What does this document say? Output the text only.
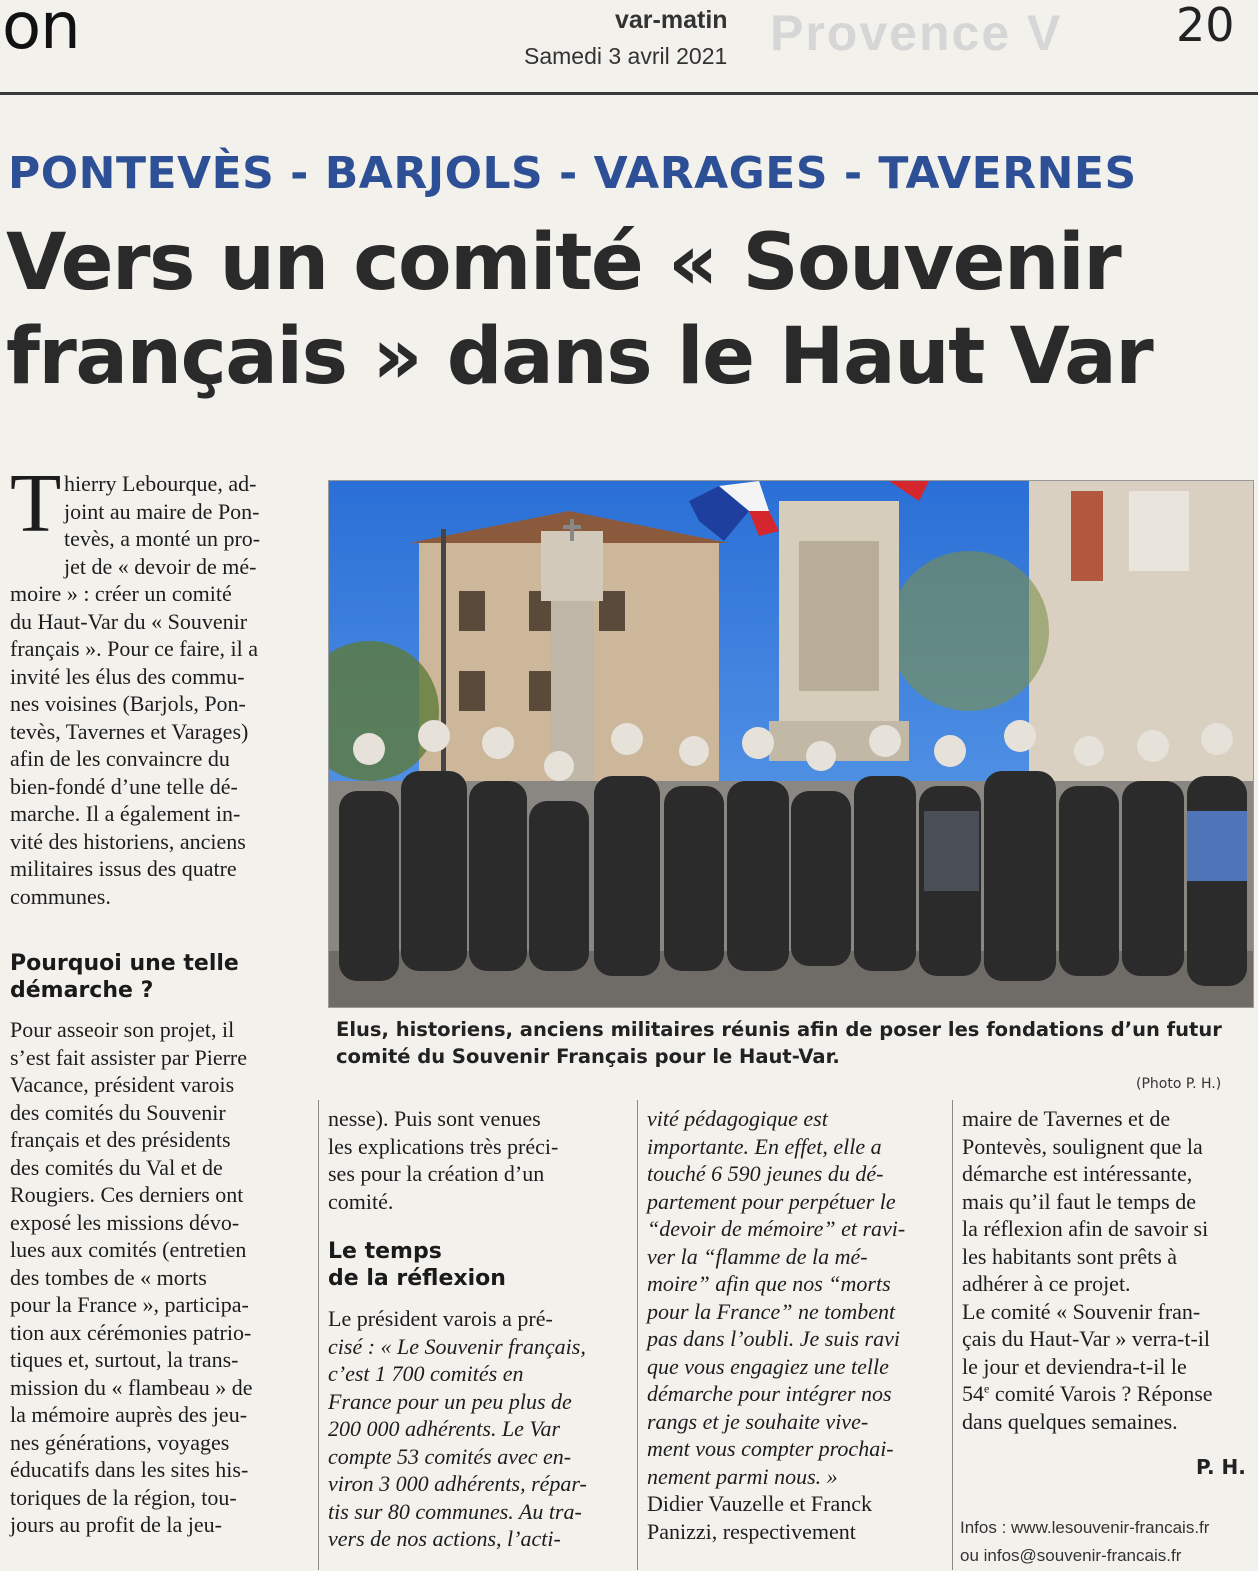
Provence V
on	var-matin
Samedi 3 avril 2021
20
PONTEVÈS - BARJOLS - VARAGES - TAVERNES
Vers un comité « Souvenir
français » dans le Haut Var
Elus, historiens, anciens militaires réunis afin de poser les fondations d’un futur
comité du Souvenir Français pour le Haut-Var.
(Photo P. H.)
T hierry Lebourque, ad-
joint au maire de Pon-
tevès, a monté un pro-
jet de « devoir de mé-
moire » : créer un comité
du Haut-Var du « Souvenir
français ». Pour ce faire, il a
invité les élus des commu-
nes voisines (Barjols, Pon-
tevès, Tavernes et Varages)
afin de les convaincre du
bien-fondé d’une telle dé-
marche. Il a également in-
vité des historiens, anciens
militaires issus des quatre
communes.
Pourquoi une telle
démarche ?
Pour asseoir son projet, il
s’est fait assister par Pierre
Vacance, président varois
des comités du Souvenir
français et des présidents
des comités du Val et de
Rougiers. Ces derniers ont
exposé les missions dévo-
lues aux comités (entretien
des tombes de « morts
pour la France », participa-
tion aux cérémonies patrio-
tiques et, surtout, la trans-
mission du « flambeau » de
la mémoire auprès des jeu-
nes générations, voyages
éducatifs dans les sites his-
toriques de la région, tou-
jours au profit de la jeu-
nesse). Puis sont venues
les explications très préci-
ses pour la création d’un
comité.
Le temps
de la réflexion
Le président varois a pré-
cisé : « Le Souvenir français,
c’est 1 700 comités en
France pour un peu plus de
200 000 adhérents. Le Var
compte 53 comités avec en-
viron 3 000 adhérents, répar-
tis sur 80 communes. Au tra-
vers de nos actions, l’acti-
vité pédagogique est
importante. En effet, elle a
touché 6 590 jeunes du dé-
partement pour perpétuer le
“devoir de mémoire” et ravi-
ver la “flamme de la mé-
moire” afin que nos “morts
pour la France” ne tombent
pas dans l’oubli. Je suis ravi
que vous engagiez une telle
démarche pour intégrer nos
rangs et je souhaite vive-
ment vous compter prochai-
nement parmi nous. »
Didier Vauzelle et Franck
Panizzi, respectivement
maire de Tavernes et de
Pontevès, soulignent que la
démarche est intéressante,
mais qu’il faut le temps de
la réflexion afin de savoir si
les habitants sont prêts à
adhérer à ce projet.
Le comité « Souvenir fran-
çais du Haut-Var » verra-t-il
le jour et deviendra-t-il le
54e comité Varois ? Réponse
dans quelques semaines.
P. H.
Infos : www.lesouvenir-francais.fr
ou infos@souvenir-francais.fr
